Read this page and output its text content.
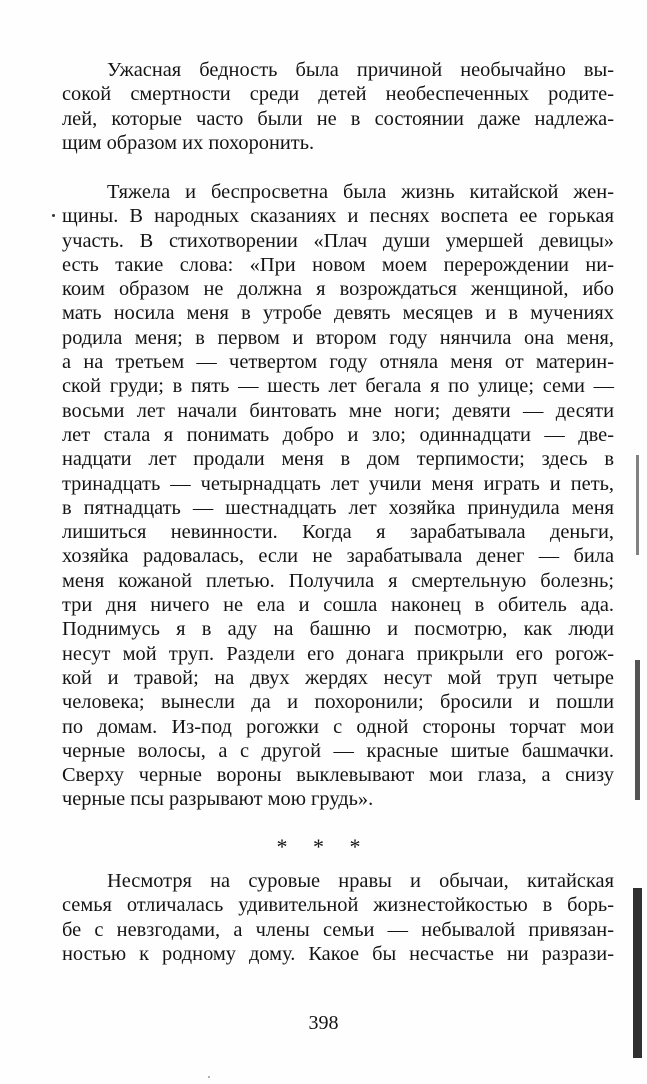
Ужасная бедность была причиной необычайно вы-
сокой смертности среди детей необеспеченных родите-
лей, которые часто были не в состоянии даже надлежа-
щим образом их похоронить.
Тяжела и беспросветна была жизнь китайской жен-
щины. В народных сказаниях и песнях воспета ее горькая
участь. В стихотворении «Плач души умершей девицы»
есть такие слова: «При новом моем перерождении ни-
коим образом не должна я возрождаться женщиной, ибо
мать носила меня в утробе девять месяцев и в мучениях
родила меня; в первом и втором году нянчила она меня,
а на третьем — четвертом году отняла меня от материн-
ской груди; в пять — шесть лет бегала я по улице; семи —
восьми лет начали бинтовать мне ноги; девяти — десяти
лет стала я понимать добро и зло; одиннадцати — две-
надцати лет продали меня в дом терпимости; здесь в
тринадцать — четырнадцать лет учили меня играть и петь,
в пятнадцать — шестнадцать лет хозяйка принудила меня
лишиться невинности. Когда я зарабатывала деньги,
хозяйка радовалась, если не зарабатывала денег — била
меня кожаной плетью. Получила я смертельную болезнь;
три дня ничего не ела и сошла наконец в обитель ада.
Поднимусь я в аду на башню и посмотрю, как люди
несут мой труп. Раздели его донага прикрыли его рогож-
кой и травой; на двух жердях несут мой труп четыре
человека; вынесли да и похоронили; бросили и пошли
по домам. Из-под рогожки с одной стороны торчат мои
черные волосы, а с другой — красные шитые башмачки.
Сверху черные вороны выклевывают мои глаза, а снизу
черные псы разрывают мою грудь».
* * *
Несмотря на суровые нравы и обычаи, китайская
семья отличалась удивительной жизнестойкостью в борь-
бе с невзгодами, а члены семьи — небывалой привязан-
ностью к родному дому. Какое бы несчастье ни разрази-
398
